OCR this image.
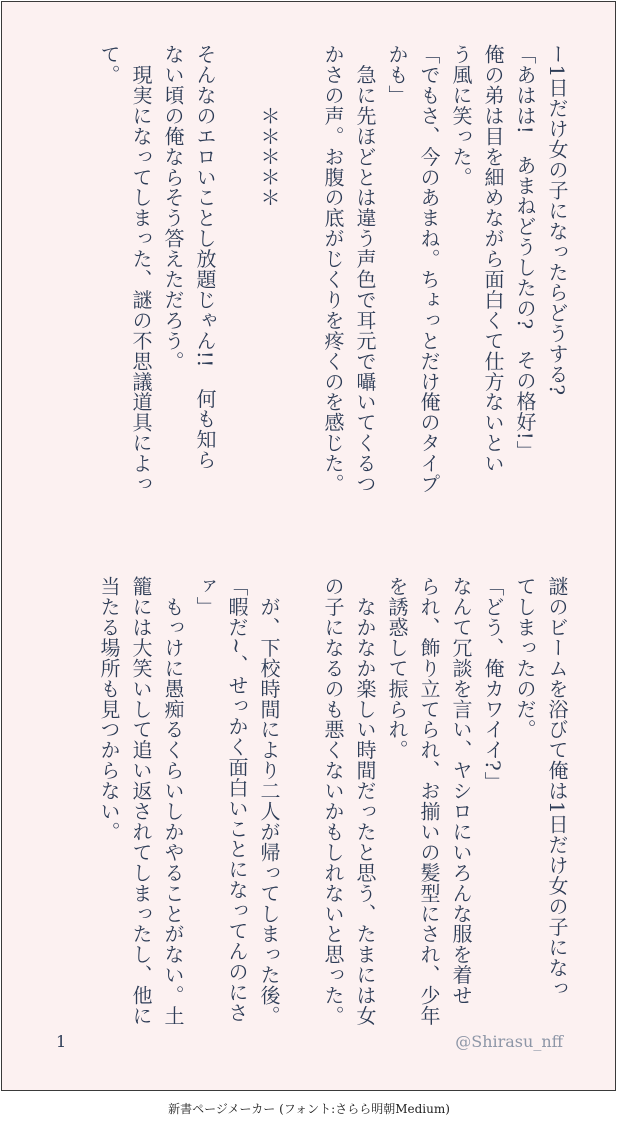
ー1日だけ女の子になったらどうする?
「あはは!　あまねどうしたの?　その格好!」
俺の弟は目を細めながら面白くて仕方ないとい
う風に笑った。
「でもさ、今のあまね。ちょっとだけ俺のタイプ
かも」
　急に先ほどとは違う声色で耳元で囁いてくるつ
かさの声。お腹の底がじくりを疼くのを感じた。

　　　＊＊＊＊＊

そんなのエロいことし放題じゃん!!　何も知ら
ない頃の俺ならそう答えただろう。
　現実になってしまった、謎の不思議道具によっ
て。
謎のビームを浴びて俺は1日だけ女の子になっ
てしまったのだ。
「どう、俺カワイイ?」
なんて冗談を言い、ヤシロにいろんな服を着せ
られ、飾り立てられ、お揃いの髪型にされ、少年
を誘惑して振られ。
　なかなか楽しい時間だったと思う、たまには女
の子になるのも悪くないかもしれないと思った。

　が、下校時間により二人が帰ってしまった後。
「暇だ~、せっかく面白いことになってんのにさ
ァ」
　もっけに愚痴るくらいしかやることがない。土
籠には大笑いして追い返されてしまったし、他に
当たる場所も見つからない。
1	@Shirasu_nff
新書ページメーカー (フォント:さらら明朝Medium)
